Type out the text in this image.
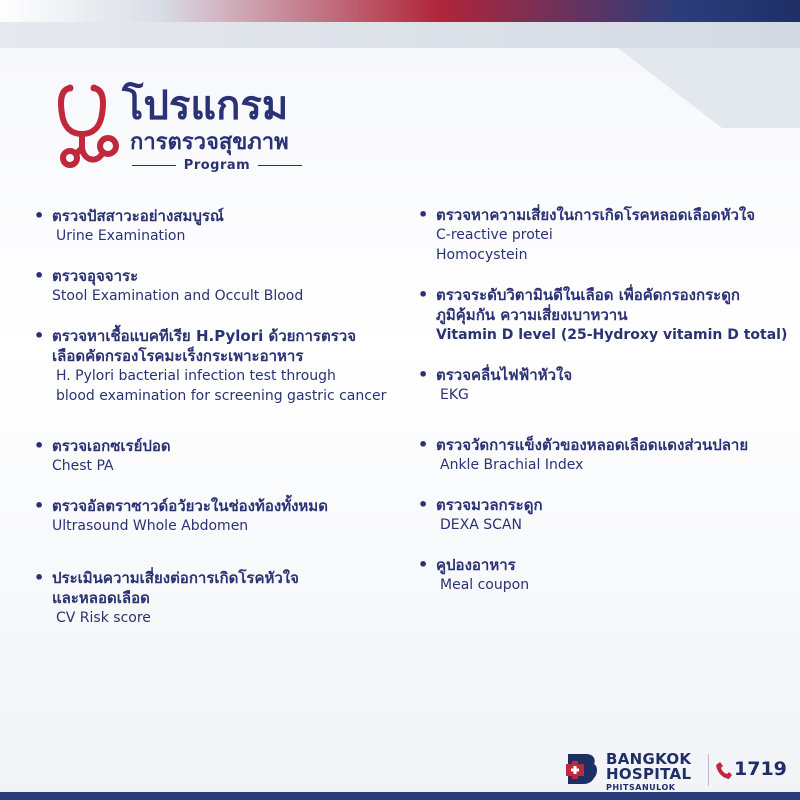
โปรแกรม
การตรวจสุขภาพ
Program
• ตรวจปัสสาวะอย่างสมบูรณ์
Urine Examination
• ตรวจอุจจาระ
Stool Examination and Occult Blood
• ตรวจหาเชื้อแบคทีเรีย H.Pylori ด้วยการตรวจ
เลือดคัดกรองโรคมะเร็งกระเพาะอาหาร
H. Pylori bacterial infection test through
blood examination for screening gastric cancer
• ตรวจเอกซเรย์ปอด
Chest PA
• ตรวจอัลตราซาวด์อวัยวะในช่องท้องทั้งหมด
Ultrasound Whole Abdomen
• ประเมินความเสี่ยงต่อการเกิดโรคหัวใจ
และหลอดเลือด
CV Risk score
• ตรวจหาความเสี่ยงในการเกิดโรคหลอดเลือดหัวใจ
C-reactive protei
Homocystein
• ตรวจระดับวิตามินดีในเลือด เพื่อคัดกรองกระดูก
ภูมิคุ้มกัน ความเสี่ยงเบาหวาน
Vitamin D level (25-Hydroxy vitamin D total)
• ตรวจคลื่นไฟฟ้าหัวใจ
EKG
• ตรวจวัดการแข็งตัวของหลอดเลือดแดงส่วนปลาย
Ankle Brachial Index
• ตรวจมวลกระดูก
DEXA SCAN
• คูปองอาหาร
Meal coupon
BANGKOK
HOSPITAL
PHITSANULOK
1719
